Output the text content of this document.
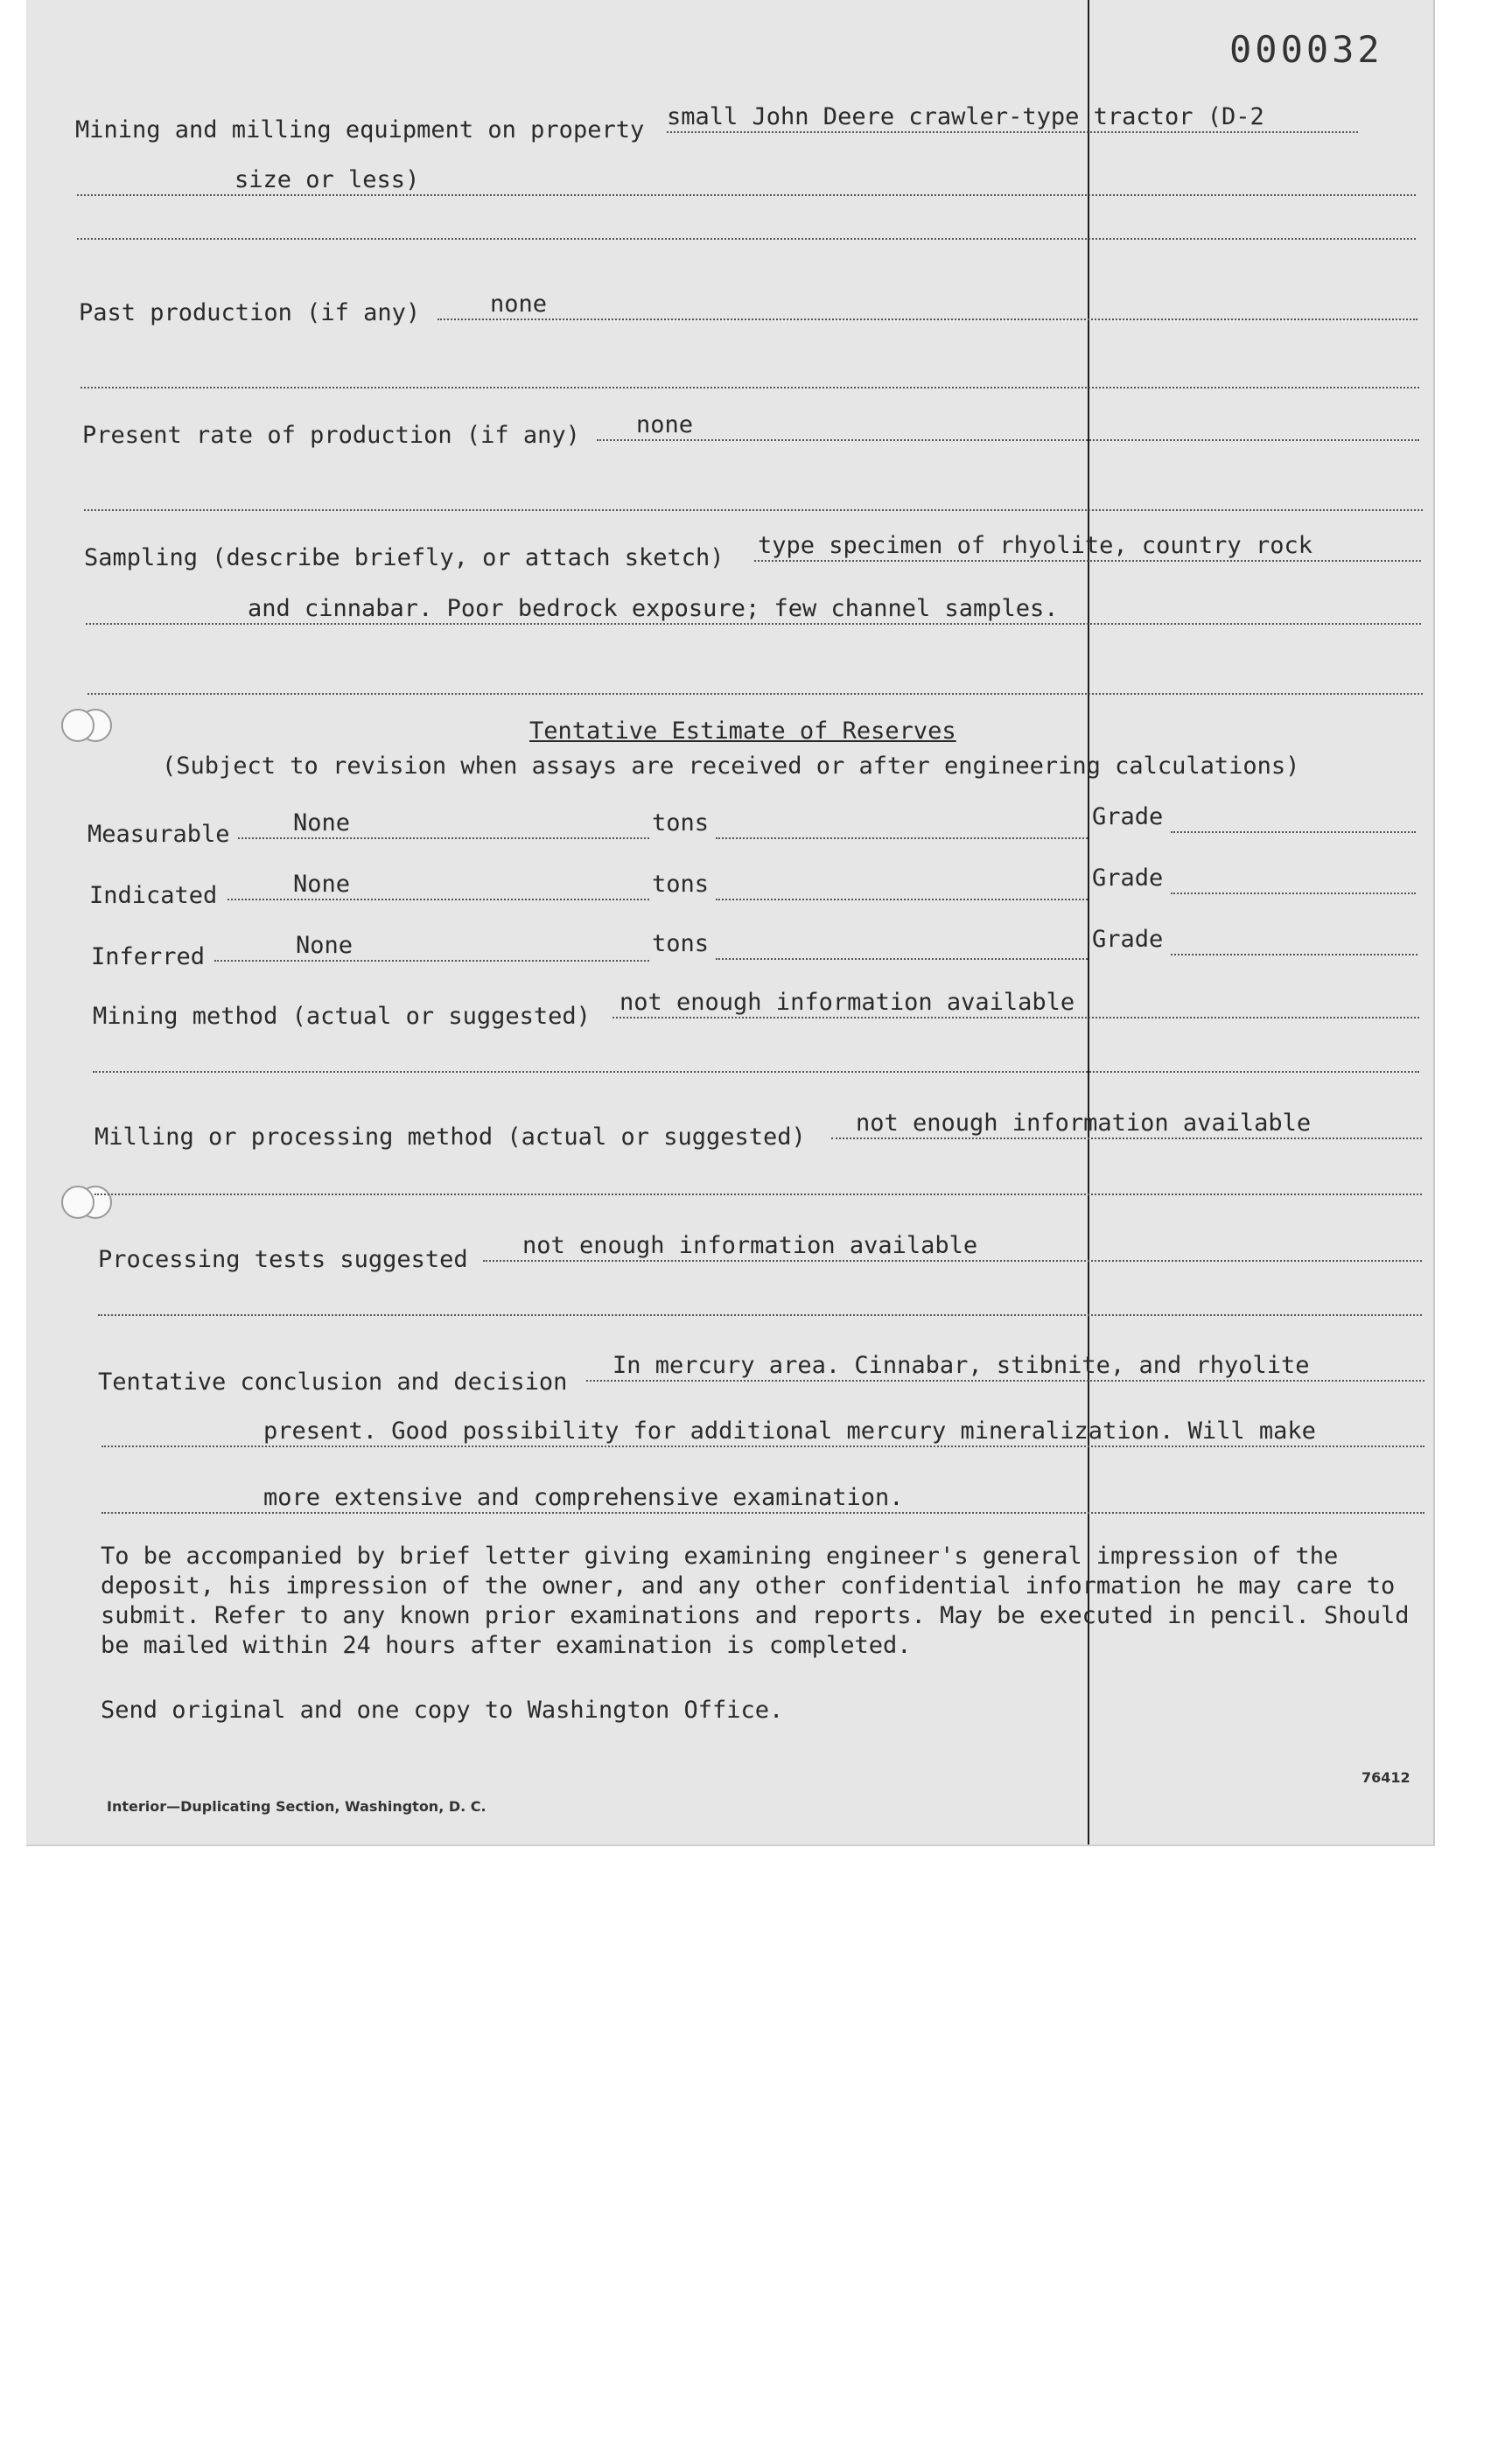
000032
Mining and milling equipment on property small John Deere crawler-type tractor (D-2
size or less)
Past production (if any)	none
Present rate of production (if any)	none
Sampling (describe briefly, or attach sketch) type specimen of rhyolite, country rock
and cinnabar. Poor bedrock exposure; few channel samples.
Tentative Estimate of Reserves
(Subject to revision when assays are received or after engineering calculations)
Measurable	None	tons	Grade
Indicated	None	tons	Grade
Inferred	None	tons	Grade
Mining method (actual or suggested)
not enough information available
Milling or processing method (actual or suggested)
not enough information available
Processing tests suggested
not enough information available
Tentative conclusion and decision
In mercury area. Cinnabar, stibnite, and rhyolite
present. Good possibility for additional mercury mineralization. Will make
more extensive and comprehensive examination.
To be accompanied by brief letter giving examining engineer's general impression of the deposit, his impression of the owner, and any other confidential information he may care to submit. Refer to any known prior examinations and reports. May be executed in pencil. Should be mailed within 24 hours after examination is completed.
Send original and one copy to Washington Office.
76412
Interior—Duplicating Section, Washington, D. C.
